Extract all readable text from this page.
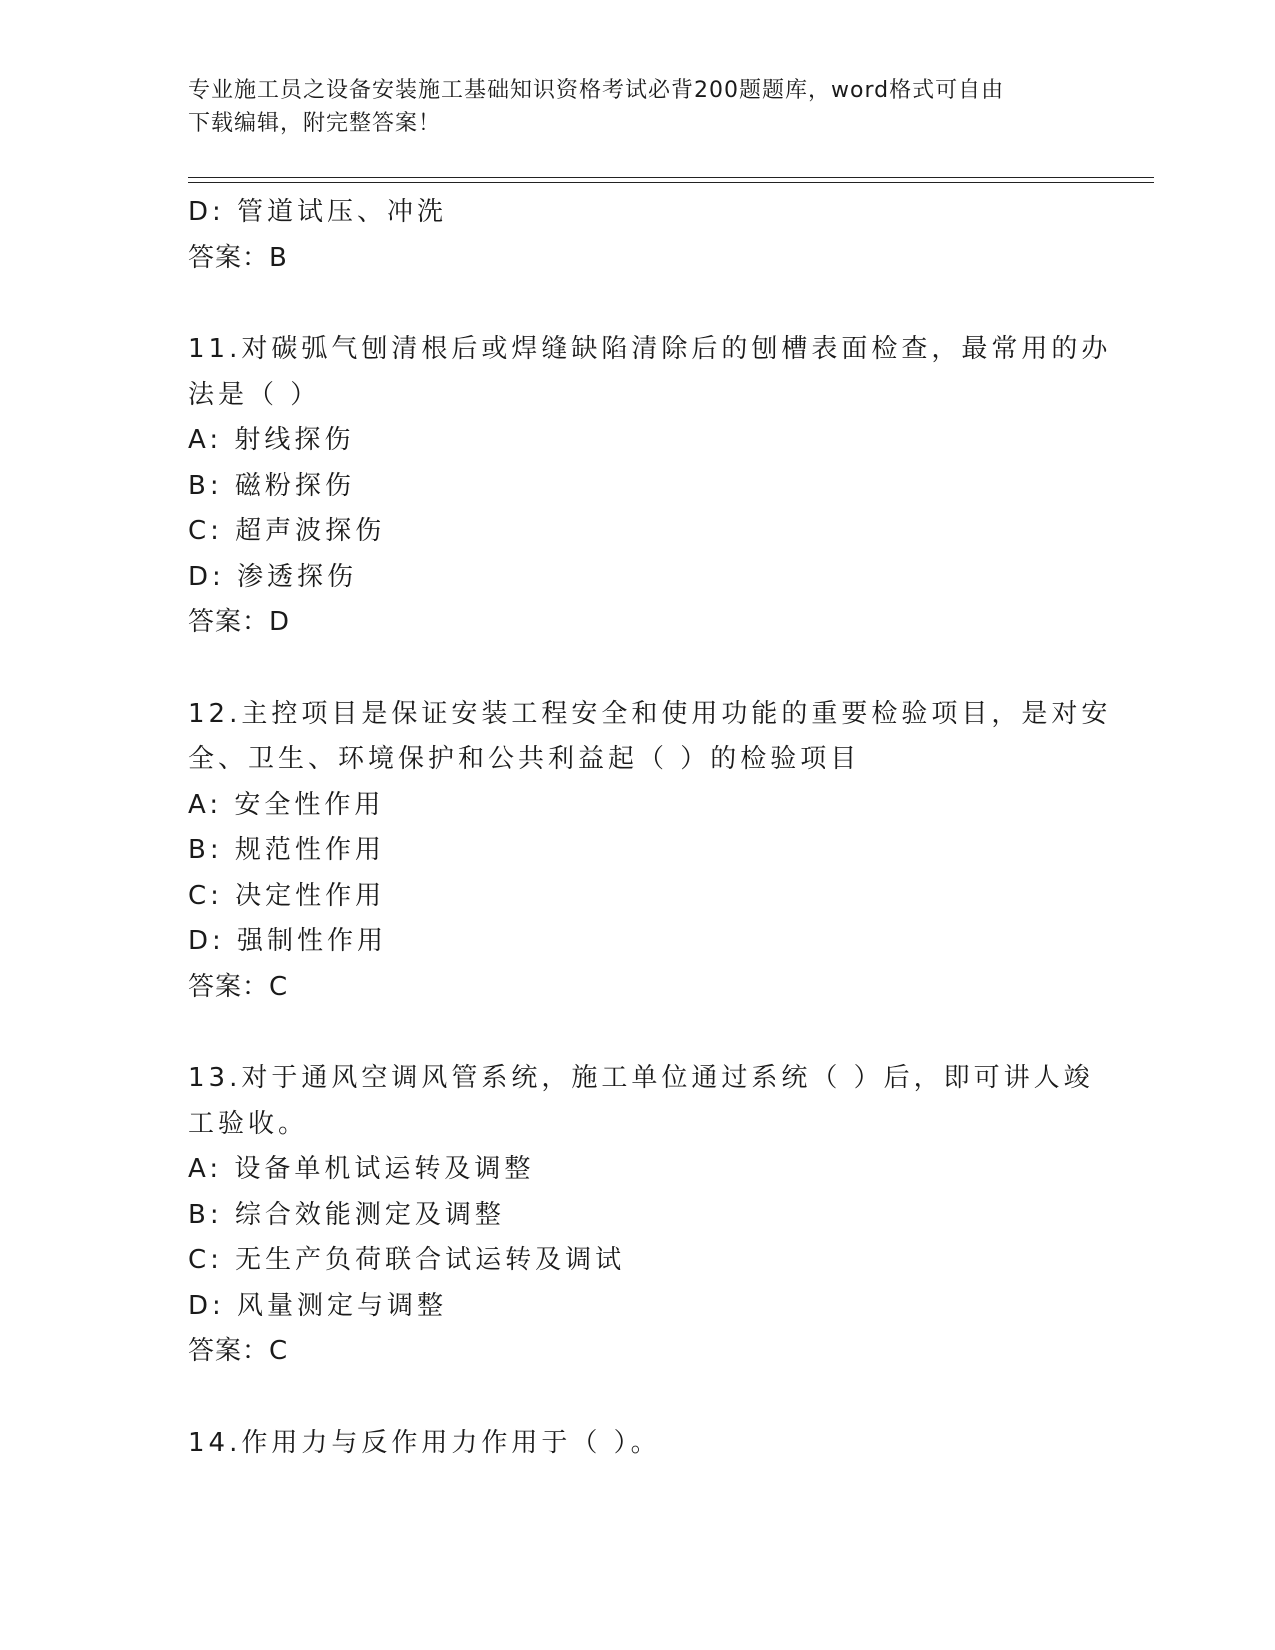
专业施工员之设备安装施工基础知识资格考试必背200题题库，word格式可自由
下载编辑，附完整答案！
D: 管道试压、冲洗
答案：B
11.对碳弧气刨清根后或焊缝缺陷清除后的刨槽表面检查，最常用的办
法是（ ）
A: 射线探伤
B: 磁粉探伤
C: 超声波探伤
D: 渗透探伤
答案：D
12.主控项目是保证安装工程安全和使用功能的重要检验项目，是对安
全、卫生、环境保护和公共利益起（ ）的检验项目
A: 安全性作用
B: 规范性作用
C: 决定性作用
D: 强制性作用
答案：C
13.对于通风空调风管系统，施工单位通过系统（ ）后，即可讲人竣
工验收。
A: 设备单机试运转及调整
B: 综合效能测定及调整
C: 无生产负荷联合试运转及调试
D: 风量测定与调整
答案：C
14.作用力与反作用力作用于（ ）。
